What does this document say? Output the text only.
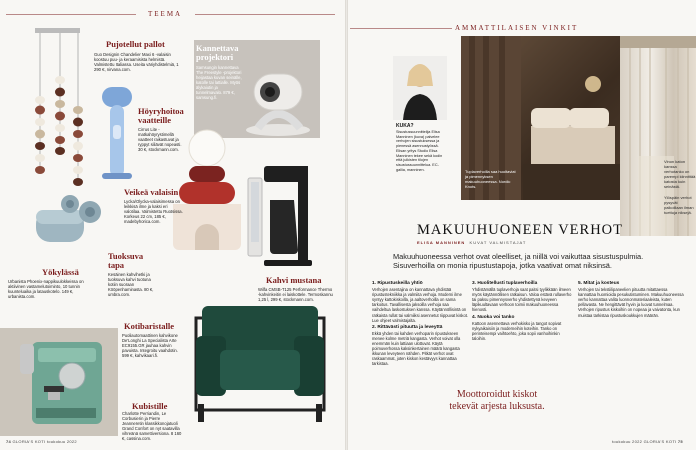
TEEMA
Pujotellut pallot

Guo Designin Chandelier Maxi 6 -valaisin koostuu puu- ja keraamisista helmistä. Valmistettu Italiassa. Useita väriyhdistelmiä, 1 290 €, nirvana.com.

Kannettava projektori

Samsungin kannettava The Freestyle -projektori heijastaa kuvan seinälle, katolle tai lattialle. Myös älykaiutin ja tunnelmavalo. 879 €, samsung.fi.

Höyryhoitoa vaatteille

Cirrus Lite -matkahöyrystimellä vaatteet raikastuvat ja ryppyt siliävät nopeasti. 30 €, stockmann.com.

Veikeä valaisin

Lycka/Olycka-valaisimessa on leikkisä ilme ja kaksi eri valotilaa. Valmistettu Ruotsissa. Korkeus 22 cm, 185 €, madebyhorica.com.

Yökylässä

Urbanista Phoenix-nappikuulokkeissa on aktiivinen vastamelutoiminto, 10 tunnin kuunteluaika ja latauskotelo. 149 €, urbanista.com.

Tuoksuva tapa

Kesäinen kahvihetki ja tuoksuva kahvi tuotuna kotiin suoraan Kööpenhaminasta. 80 €, umbra.com.

Kahvi mustana

Wilfa CMSB-T125 Performance Thermo -kahvinkeitin ei laiskottele. Termoskannu 1,25 l, 299 €, stockmann.com.

Kotibaristalle

Puoliautomaattinen kahvikone De'Longhi La Specialista Arte EC9155.GR jauhaa kahvin pavuista. Integroitu vaahdotin. 599 €, kahvikaari.fi.

Kubistille

Charlotte Perriandin, Le Corbusierin ja Pierre Jeanneretin klassikkonojatuoli Grand Confort on nyt saatavilla vihreänä samettiversiona. 8 160 €, cassina.com.

74 GLORIA'S KOTI toukokuu 2022
AMMATTILAISEN VINKIT

Tuplaverhoilla saa huoltaviat ja pimennyksen makuuhuoneessa. Nordic Knots.

Vinon katon kanssa verhotanko on parempi kiinnittää katosta kuin seinästä.

Ylöspäin verhot pysyvät paikoillaan ilman tuettuja niksejä.

KUKA?

Sisustussuunnittelija Elisa Manninen (kuva) palvelee verhojen sisustuksessa ja pienessä asennustyössä. Elisan yritys Studio Elisa Manninen tekee sekä kodin että julkisten tilojen sisustussuunnittelua. EC-gallia, manninen.

MAKUUHUONEEN VERHOT
ELISA MANNINEN KUVAT VALMISTAJAT

Makuuhuoneessa verhot ovat oleelliset, ja niillä voi vaikuttaa sisustuspulmia. Sisuverhoilla on monia ripustustapoja, jotka vaativat omat niksinsä.

1. Ripustuskeilla yhtiö

Verhojen asentajina on kannattava yhdistää ripustustekniikka ja valmiita verhoja. Moderni ilme syntyy kattokiskoilla, ja aaltoverhoilla on sama tarkoitus. Tavallisesta jaksoilla verhoja saa vaihdeltua laskostuksen kanssa. Käytännöllisintä on ratkaista rullat tai valmiiksi asennetut riippuvat kiskot. Lue ohjeet valmistajalta.

2. Rittävästi pituutta ja leveyttä

Ekkä yhden tai kahden verhoparin ripustukseen menee kolme metriä kangasta. Verhot voivat olla enemmän kuin lattiaan ulottuvat. Käytä poimuverhossa kaksinkertainen määrä kangasta ikkunan leveyteen nähden. Pitkät verhot ovat raskaammat, joten kiskon kestävyys kannattaa tarkistaa.

3. Huolitellusti tuplaverhoilla

Yhdistämällä tuplaverhoja saat paitsi tyylikkään ilmeen myös käytännöllisen ratkaisun. Valoa estävä rullaverho tai paksu pimennysverho yhdistettynä kevyeen läpikuultavaan verhoon toimii makuuhuoneessa hienosti.

4. Nuoka voi tanko

Kattoon asennettava verhokisko ja tangot sopivat nykyaikaisiin ja moderneihin koteihin. Tanko on perinteisempi vaihtoehto, joka sopii vanhoihinkin taloihin.

5. Mitat ja kosteus

Verhojen tai tekstiilipaneelien pituutta mitattaessa kannattaa huomioida pesukutistuminen. Makuuhuoneessa verho kannattaa valita luonnonmateriaaleista, kuten pellavasta. Ne hengittävät hyvin ja luovat tunnelmaa. Verhojen ripustus kiskoihin on nopeaa ja vaivatonta, kun muistaa tarkistaa ripustuskoukkujen määrän.

Moottoroidut kiskot tekevät arjesta luksusta.

toukokuu 2022 GLORIA'S KOTI 75
